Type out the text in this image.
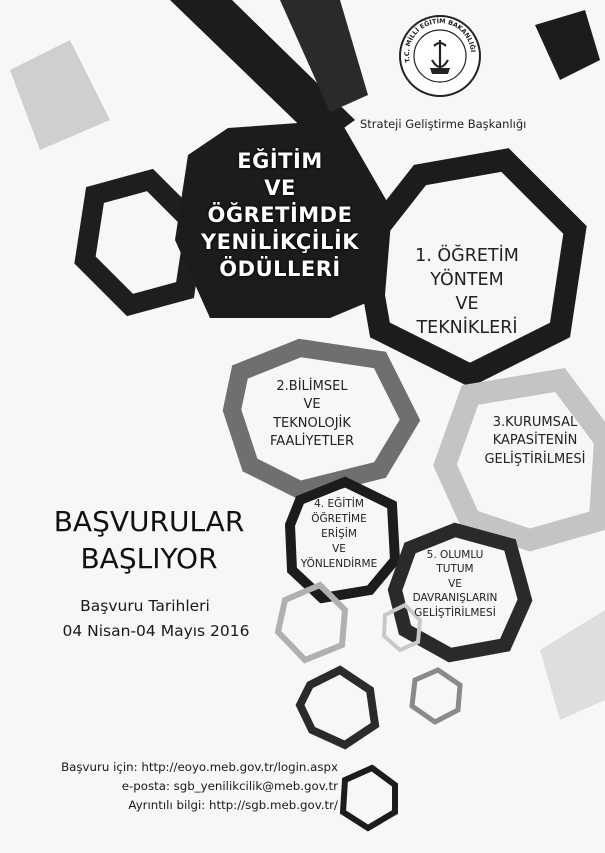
T.C. MİLLÎ EĞİTİM BAKANLIĞI
Strateji Geliştirme Başkanlığı
EĞİTİM
VE
ÖĞRETİMDE
YENİLİKÇİLİK
ÖDÜLLERİ
1. ÖĞRETİM
YÖNTEM
VE
TEKNİKLERİ
2.BİLİMSEL
VE
TEKNOLOJİK
FAALİYETLER
3.KURUMSAL
KAPASİTENİN
GELİŞTİRİLMESİ
4. EĞİTİM
ÖĞRETİME
ERİŞİM
VE
YÖNLENDİRME
5. OLUMLU
TUTUM
VE
DAVRANIŞLARIN
GELİŞTİRİLMESİ
BAŞVURULAR
BAŞLIYOR
Başvuru Tarihleri
04 Nisan-04 Mayıs 2016
Başvuru için: http://eoyo.meb.gov.tr/login.aspx
e-posta: sgb_yenilikcilik@meb.gov.tr
Ayrıntılı bilgi: http://sgb.meb.gov.tr/
